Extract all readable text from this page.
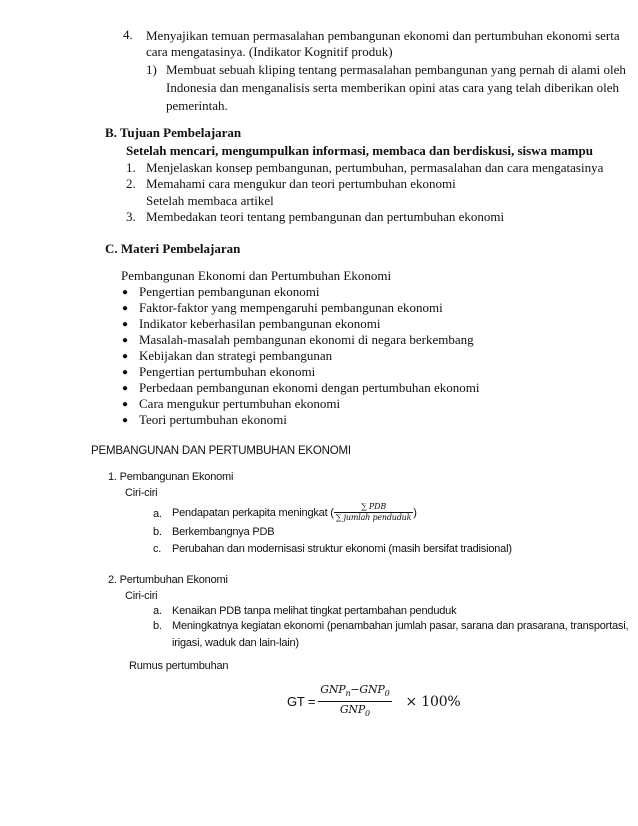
4. Menyajikan temuan permasalahan pembangunan ekonomi dan pertumbuhan ekonomi serta
cara mengatasinya. (Indikator Kognitif produk)
1) Membuat sebuah kliping tentang permasalahan pembangunan yang pernah di alami oleh
Indonesia dan menganalisis serta memberikan opini atas cara yang telah diberikan oleh
pemerintah.
B. Tujuan Pembelajaran
Setelah mencari, mengumpulkan informasi, membaca dan berdiskusi, siswa mampu
1. Menjelaskan konsep pembangunan, pertumbuhan, permasalahan dan cara mengatasinya
2. Memahami cara mengukur dan teori pertumbuhan ekonomi
Setelah membaca artikel
3. Membedakan teori tentang pembangunan dan pertumbuhan ekonomi
C. Materi Pembelajaran
Pembangunan Ekonomi dan Pertumbuhan Ekonomi
● Pengertian pembangunan ekonomi
● Faktor-faktor yang mempengaruhi pembangunan ekonomi
● Indikator keberhasilan pembangunan ekonomi
● Masalah-masalah pembangunan ekonomi di negara berkembang
● Kebijakan dan strategi pembangunan
● Pengertian pertumbuhan ekonomi
● Perbedaan pembangunan ekonomi dengan pertumbuhan ekonomi
● Cara mengukur pertumbuhan ekonomi
● Teori pertumbuhan ekonomi
PEMBANGUNAN DAN PERTUMBUHAN EKONOMI
1. Pembangunan Ekonomi
Ciri-ciri
a. Pendapatan perkapita meningkat ( $\frac{\text{∑ PDB}}{\text{∑ jumlah penduduk}}$ )
b. Berkembangnya PDB
c. Perubahan dan modernisasi struktur ekonomi (masih bersifat tradisional)
2. Pertumbuhan Ekonomi
Ciri-ciri
a. Kenaikan PDB tanpa melihat tingkat pertambahan penduduk
b. Meningkatnya kegiatan ekonomi (penambahan jumlah pasar, sarana dan prasarana, transportasi,
irigasi, waduk dan lain-lain)
Rumus pertumbuhan
GT = $\frac{GNP_n-GNP_0}{GNP_0} \times 100\%$
